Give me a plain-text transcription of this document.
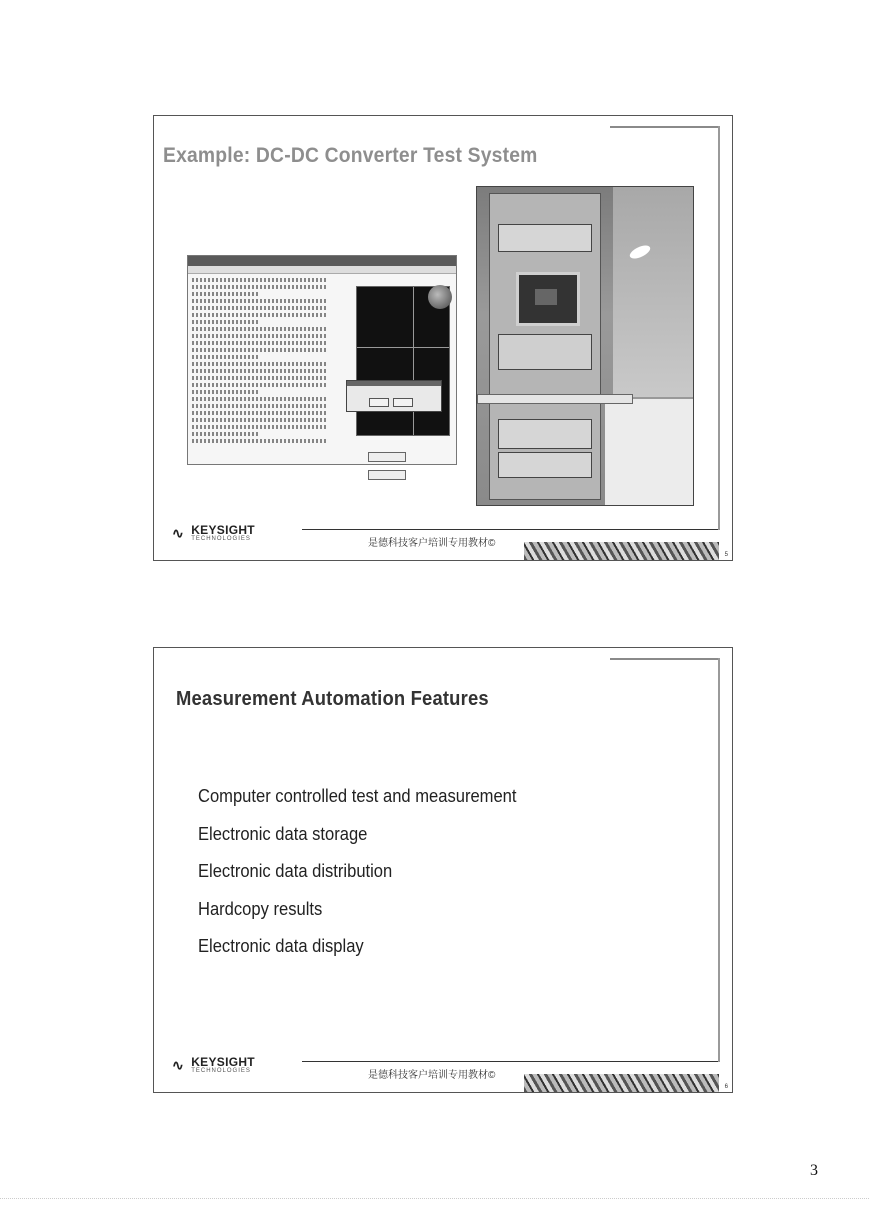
Example: DC-DC Converter Test System
∿ KEYSIGHT
TECHNOLOGIES	是德科技客户培训专用教材©
5
Measurement Automation Features
Computer controlled test and measurement
Electronic data storage
Electronic data distribution
Hardcopy results
Electronic data display
∿ KEYSIGHT
TECHNOLOGIES	是德科技客户培训专用教材©
6
3
